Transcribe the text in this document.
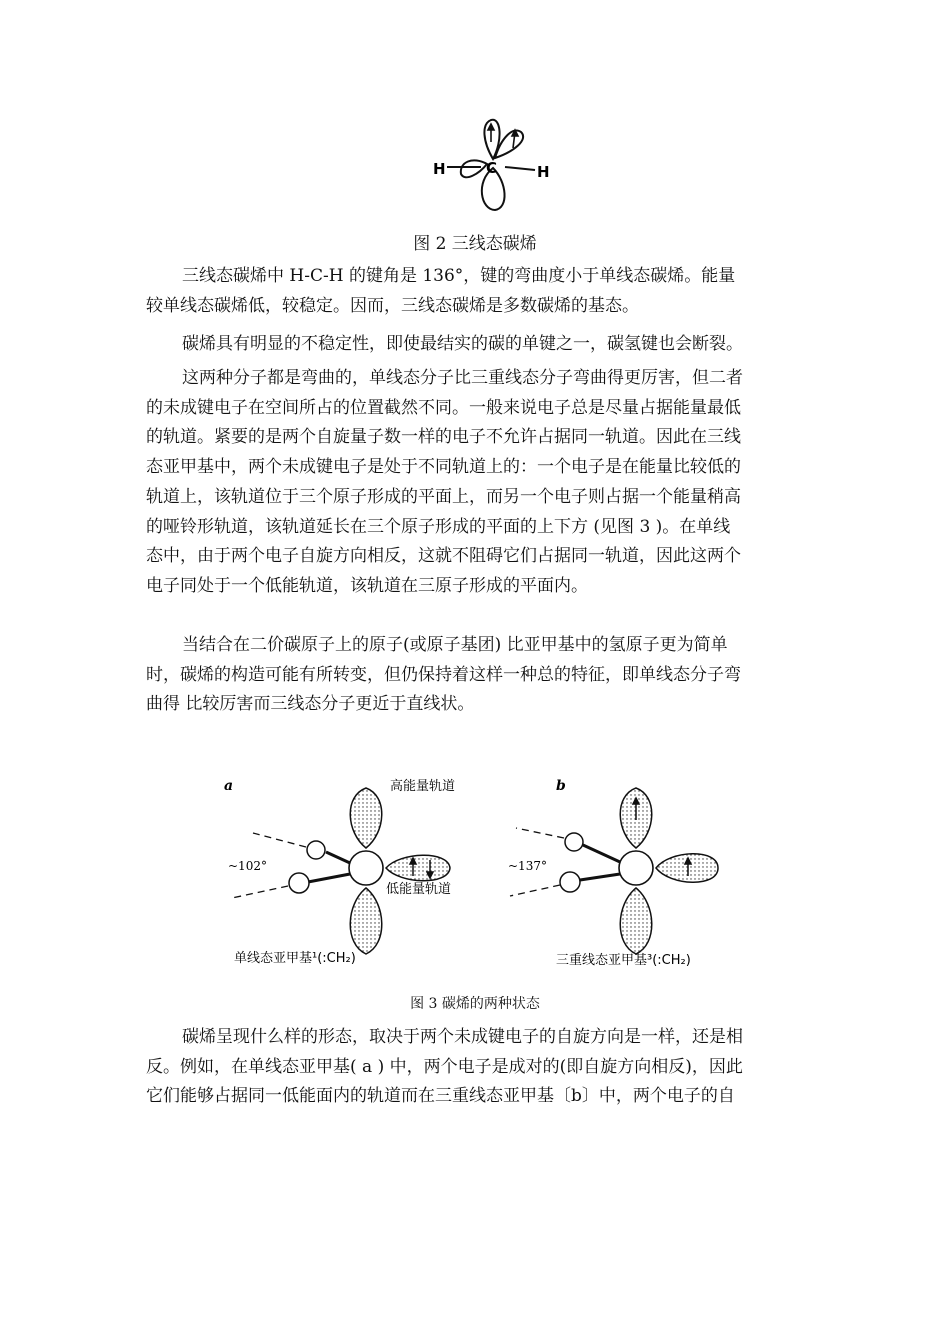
C
H	H
图 2 三线态碳烯

三线态碳烯中 H-C-H 的键角是 136°，键的弯曲度小于单线态碳烯。能量
较单线态碳烯低，较稳定。因而，三线态碳烯是多数碳烯的基态。

碳烯具有明显的不稳定性，即使最结实的碳的单键之一，碳氢键也会断裂。

这两种分子都是弯曲的，单线态分子比三重线态分子弯曲得更厉害，但二者
的未成键电子在空间所占的位置截然不同。一般来说电子总是尽量占据能量最低
的轨道。紧要的是两个自旋量子数一样的电子不允许占据同一轨道。因此在三线
态亚甲基中，两个未成键电子是处于不同轨道上的：一个电子是在能量比较低的
轨道上，该轨道位于三个原子形成的平面上，而另一个电子则占据一个能量稍高
的哑铃形轨道，该轨道延长在三个原子形成的平面的上下方 (见图 3 )。在单线
态中，由于两个电子自旋方向相反，这就不阻碍它们占据同一轨道，因此这两个
电子同处于一个低能轨道，该轨道在三原子形成的平面内。

当结合在二价碳原子上的原子(或原子基团) 比亚甲基中的氢原子更为简单
时，碳烯的构造可能有所转变，但仍保持着这样一种总的特征，即单线态分子弯
曲得 比较厉害而三线态分子更近于直线状。

a	高能量轨道
低能量轨道
~102°
单线态亚甲基¹(:CH₂)
b
~137°
三重线态亚甲基³(:CH₂)
图 3 碳烯的两种状态

碳烯呈现什么样的形态，取决于两个未成键电子的自旋方向是一样，还是相
反。例如，在单线态亚甲基( a ) 中，两个电子是成对的(即自旋方向相反)，因此
它们能够占据同一低能面内的轨道而在三重线态亚甲基〔b〕中，两个电子的自
